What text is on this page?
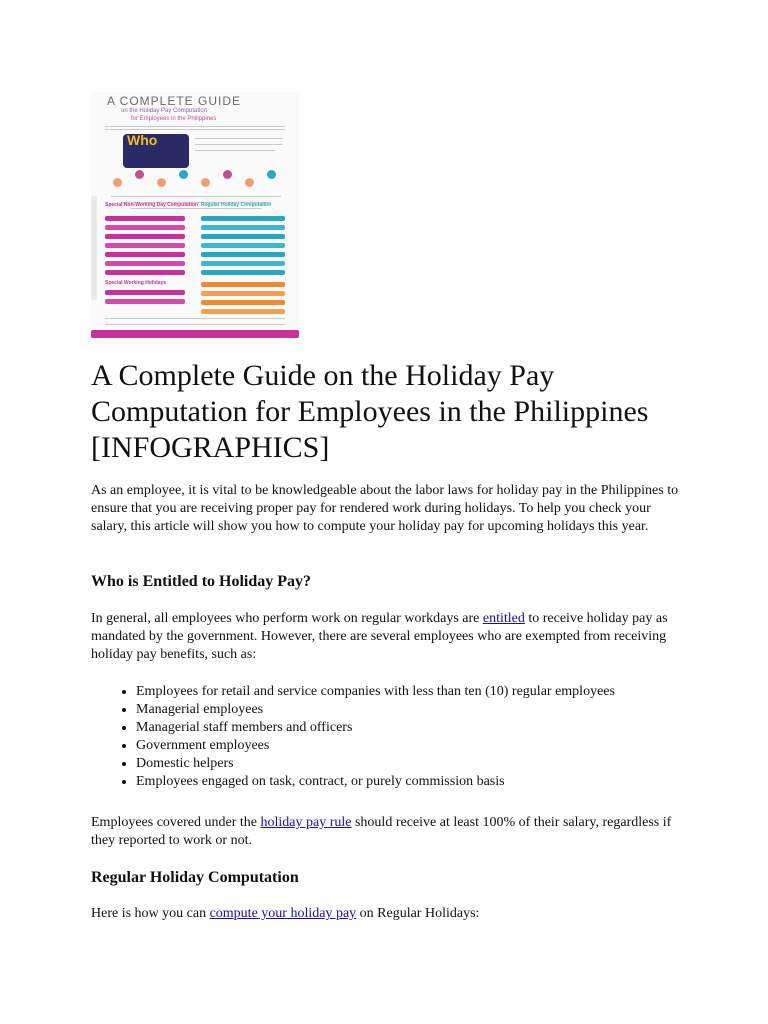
A COMPLETE GUIDE
on the Holiday Pay Computation
for Employees in the Philippines
Who
Special Non-Working Day Computation Regular Holiday Computation
Special Working Holidays
A Complete Guide on the Holiday Pay Computation for Employees in the Philippines [INFOGRAPHICS]

As an employee, it is vital to be knowledgeable about the labor laws for holiday pay in the Philippines to ensure that you are receiving proper pay for rendered work during holidays. To help you check your salary, this article will show you how to compute your holiday pay for upcoming holidays this year.

Who is Entitled to Holiday Pay?

In general, all employees who perform work on regular workdays are entitled to receive holiday pay as mandated by the government. However, there are several employees who are exempted from receiving holiday pay benefits, such as:

• Employees for retail and service companies with less than ten (10) regular employees
• Managerial employees
• Managerial staff members and officers
• Government employees
• Domestic helpers
• Employees engaged on task, contract, or purely commission basis

Employees covered under the holiday pay rule should receive at least 100% of their salary, regardless if they reported to work or not.

Regular Holiday Computation

Here is how you can compute your holiday pay on Regular Holidays:
